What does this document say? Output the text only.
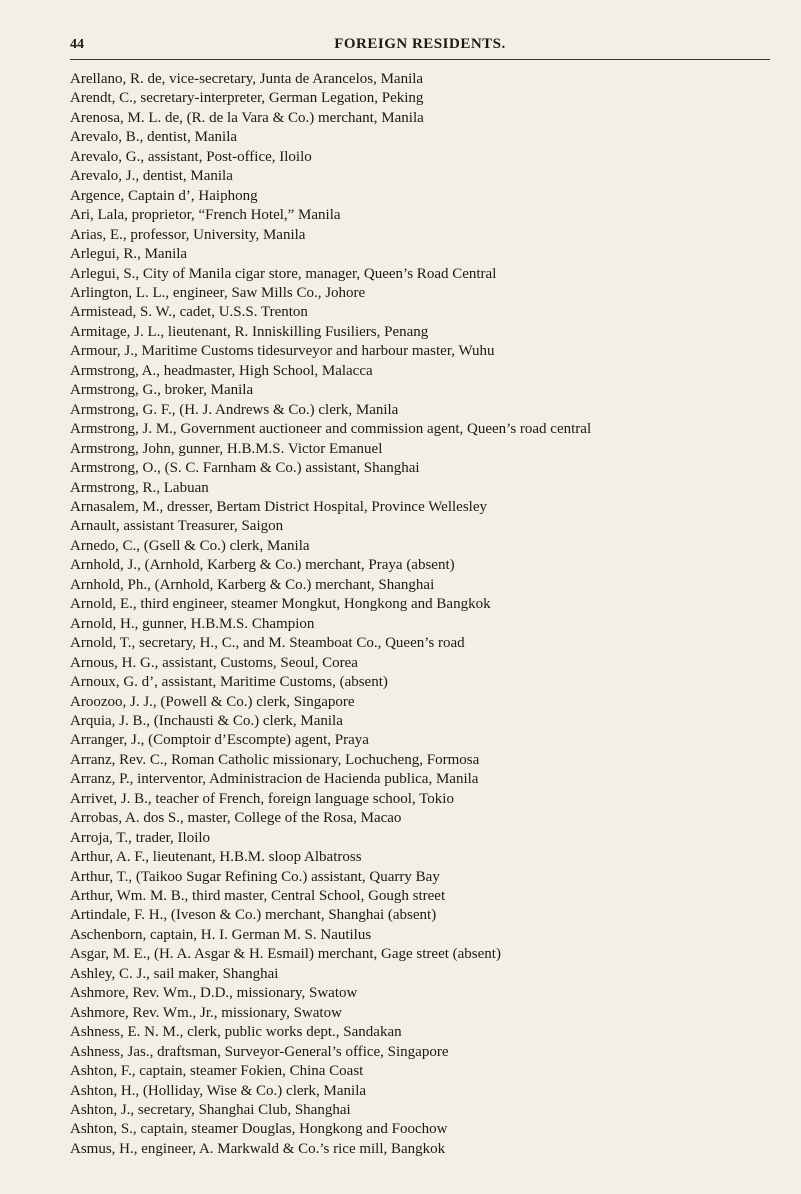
44	FOREIGN RESIDENTS.
Arellano, R. de, vice-secretary, Junta de Arancelos, Manila
Arendt, C., secretary-interpreter, German Legation, Peking
Arenosa, M. L. de, (R. de la Vara & Co.) merchant, Manila
Arevalo, B., dentist, Manila
Arevalo, G., assistant, Post-office, Iloilo
Arevalo, J., dentist, Manila
Argence, Captain d’, Haiphong
Ari, Lala, proprietor, “French Hotel,” Manila
Arias, E., professor, University, Manila
Arlegui, R., Manila
Arlegui, S., City of Manila cigar store, manager, Queen’s Road Central
Arlington, L. L., engineer, Saw Mills Co., Johore
Armistead, S. W., cadet, U.S.S. Trenton
Armitage, J. L., lieutenant, R. Inniskilling Fusiliers, Penang
Armour, J., Maritime Customs tidesurveyor and harbour master, Wuhu
Armstrong, A., headmaster, High School, Malacca
Armstrong, G., broker, Manila
Armstrong, G. F., (H. J. Andrews & Co.) clerk, Manila
Armstrong, J. M., Government auctioneer and commission agent, Queen’s road central
Armstrong, John, gunner, H.B.M.S. Victor Emanuel
Armstrong, O., (S. C. Farnham & Co.) assistant, Shanghai
Armstrong, R., Labuan
Arnasalem, M., dresser, Bertam District Hospital, Province Wellesley
Arnault, assistant Treasurer, Saigon
Arnedo, C., (Gsell & Co.) clerk, Manila
Arnhold, J., (Arnhold, Karberg & Co.) merchant, Praya (absent)
Arnhold, Ph., (Arnhold, Karberg & Co.) merchant, Shanghai
Arnold, E., third engineer, steamer Mongkut, Hongkong and Bangkok
Arnold, H., gunner, H.B.M.S. Champion
Arnold, T., secretary, H., C., and M. Steamboat Co., Queen’s road
Arnous, H. G., assistant, Customs, Seoul, Corea
Arnoux, G. d’, assistant, Maritime Customs, (absent)
Aroozoo, J. J., (Powell & Co.) clerk, Singapore
Arquia, J. B., (Inchausti & Co.) clerk, Manila
Arranger, J., (Comptoir d’Escompte) agent, Praya
Arranz, Rev. C., Roman Catholic missionary, Lochucheng, Formosa
Arranz, P., interventor, Administracion de Hacienda publica, Manila
Arrivet, J. B., teacher of French, foreign language school, Tokio
Arrobas, A. dos S., master, College of the Rosa, Macao
Arroja, T., trader, Iloilo
Arthur, A. F., lieutenant, H.B.M. sloop Albatross
Arthur, T., (Taikoo Sugar Refining Co.) assistant, Quarry Bay
Arthur, Wm. M. B., third master, Central School, Gough street
Artindale, F. H., (Iveson & Co.) merchant, Shanghai (absent)
Aschenborn, captain, H. I. German M. S. Nautilus
Asgar, M. E., (H. A. Asgar & H. Esmail) merchant, Gage street (absent)
Ashley, C. J., sail maker, Shanghai
Ashmore, Rev. Wm., D.D., missionary, Swatow
Ashmore, Rev. Wm., Jr., missionary, Swatow
Ashness, E. N. M., clerk, public works dept., Sandakan
Ashness, Jas., draftsman, Surveyor-General’s office, Singapore
Ashton, F., captain, steamer Fokien, China Coast
Ashton, H., (Holliday, Wise & Co.) clerk, Manila
Ashton, J., secretary, Shanghai Club, Shanghai
Ashton, S., captain, steamer Douglas, Hongkong and Foochow
Asmus, H., engineer, A. Markwald & Co.’s rice mill, Bangkok
